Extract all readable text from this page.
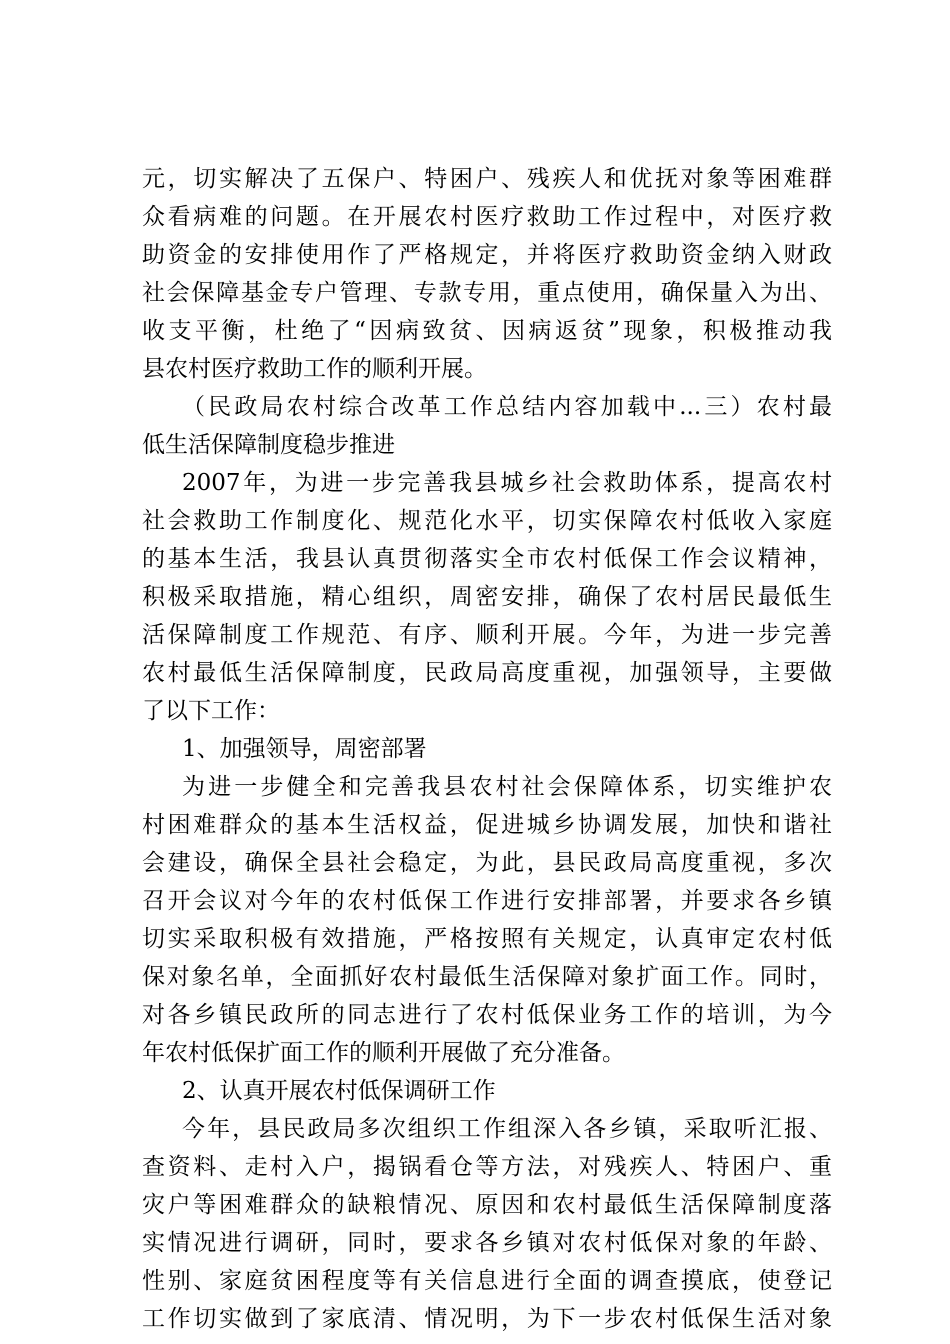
元，切实解决了五保户、特困户、残疾人和优抚对象等困难群
众看病难的问题。在开展农村医疗救助工作过程中，对医疗救
助资金的安排使用作了严格规定，并将医疗救助资金纳入财政
社会保障基金专户管理、专款专用，重点使用，确保量入为出、
收支平衡，杜绝了“因病致贫、因病返贫”现象，积极推动我
县农村医疗救助工作的顺利开展。
（民政局农村综合改革工作总结内容加载中...三）农村最
低生活保障制度稳步推进
2007年，为进一步完善我县城乡社会救助体系，提高农村
社会救助工作制度化、规范化水平，切实保障农村低收入家庭
的基本生活，我县认真贯彻落实全市农村低保工作会议精神，
积极采取措施，精心组织，周密安排，确保了农村居民最低生
活保障制度工作规范、有序、顺利开展。今年，为进一步完善
农村最低生活保障制度，民政局高度重视，加强领导，主要做
了以下工作：
1、加强领导，周密部署
为进一步健全和完善我县农村社会保障体系，切实维护农
村困难群众的基本生活权益，促进城乡协调发展，加快和谐社
会建设，确保全县社会稳定，为此，县民政局高度重视，多次
召开会议对今年的农村低保工作进行安排部署，并要求各乡镇
切实采取积极有效措施，严格按照有关规定，认真审定农村低
保对象名单，全面抓好农村最低生活保障对象扩面工作。同时，
对各乡镇民政所的同志进行了农村低保业务工作的培训，为今
年农村低保扩面工作的顺利开展做了充分准备。
2、认真开展农村低保调研工作
今年，县民政局多次组织工作组深入各乡镇，采取听汇报、
查资料、走村入户，揭锅看仓等方法，对残疾人、特困户、重
灾户等困难群众的缺粮情况、原因和农村最低生活保障制度落
实情况进行调研，同时，要求各乡镇对农村低保对象的年龄、
性别、家庭贫困程度等有关信息进行全面的调查摸底，使登记
工作切实做到了家底清、情况明，为下一步农村低保生活对象
